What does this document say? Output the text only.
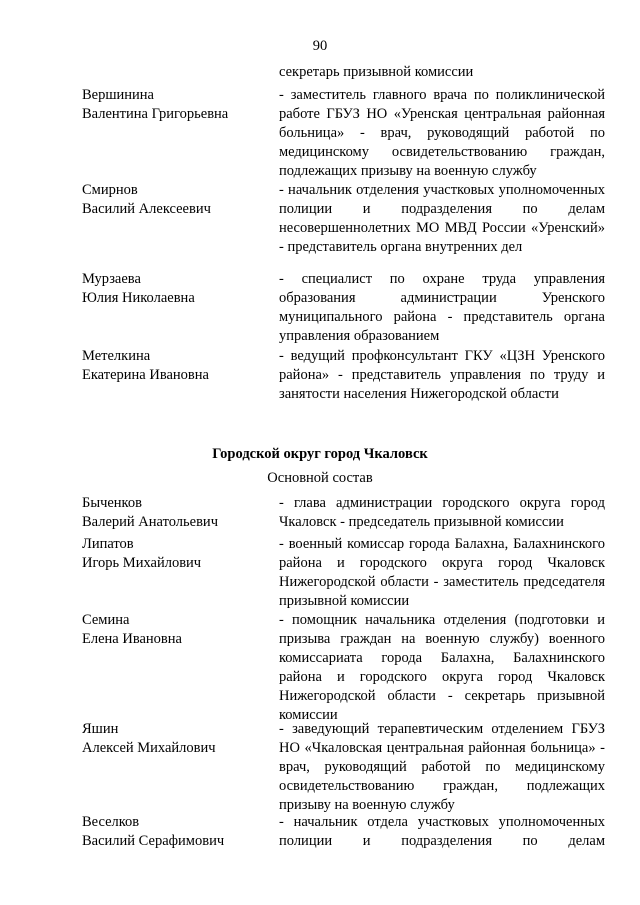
90
секретарь призывной комиссии
Вершинина
Валентина Григорьевна
- заместитель главного врача по поликлинической работе ГБУЗ НО «Уренская центральная районная больница» - врач, руководящий работой по медицинскому освидетельствованию граждан, подлежащих призыву на военную службу
Смирнов
Василий Алексеевич
- начальник отделения участковых уполномоченных полиции и подразделения по делам несовершеннолетних МО МВД России «Уренский» - представитель органа внутренних дел
Мурзаева
Юлия Николаевна
- специалист по охране труда управления образования администрации Уренского муниципального района - представитель органа управления образованием
Метелкина
Екатерина Ивановна
- ведущий профконсультант ГКУ «ЦЗН Уренского района» - представитель управления по труду и занятости населения Нижегородской области
Городской округ город Чкаловск
Основной состав
Быченков
Валерий Анатольевич
- глава администрации городского округа город Чкаловск - председатель призывной комиссии
Липатов
Игорь Михайлович
- военный комиссар города Балахна, Балахнинского района и городского округа город Чкаловск Нижегородской области - заместитель председателя призывной комиссии
Семина
Елена Ивановна
- помощник начальника отделения (подготовки и призыва граждан на военную службу) военного комиссариата города Балахна, Балахнинского района и городского округа город Чкаловск Нижегородской области - секретарь призывной комиссии
Яшин
Алексей Михайлович
- заведующий терапевтическим отделением ГБУЗ НО «Чкаловская центральная районная больница» - врач, руководящий работой по медицинскому освидетельствованию граждан, подлежащих призыву на военную службу
Веселков
Василий Серафимович
- начальник отдела участковых уполномоченных полиции и подразделения по делам
